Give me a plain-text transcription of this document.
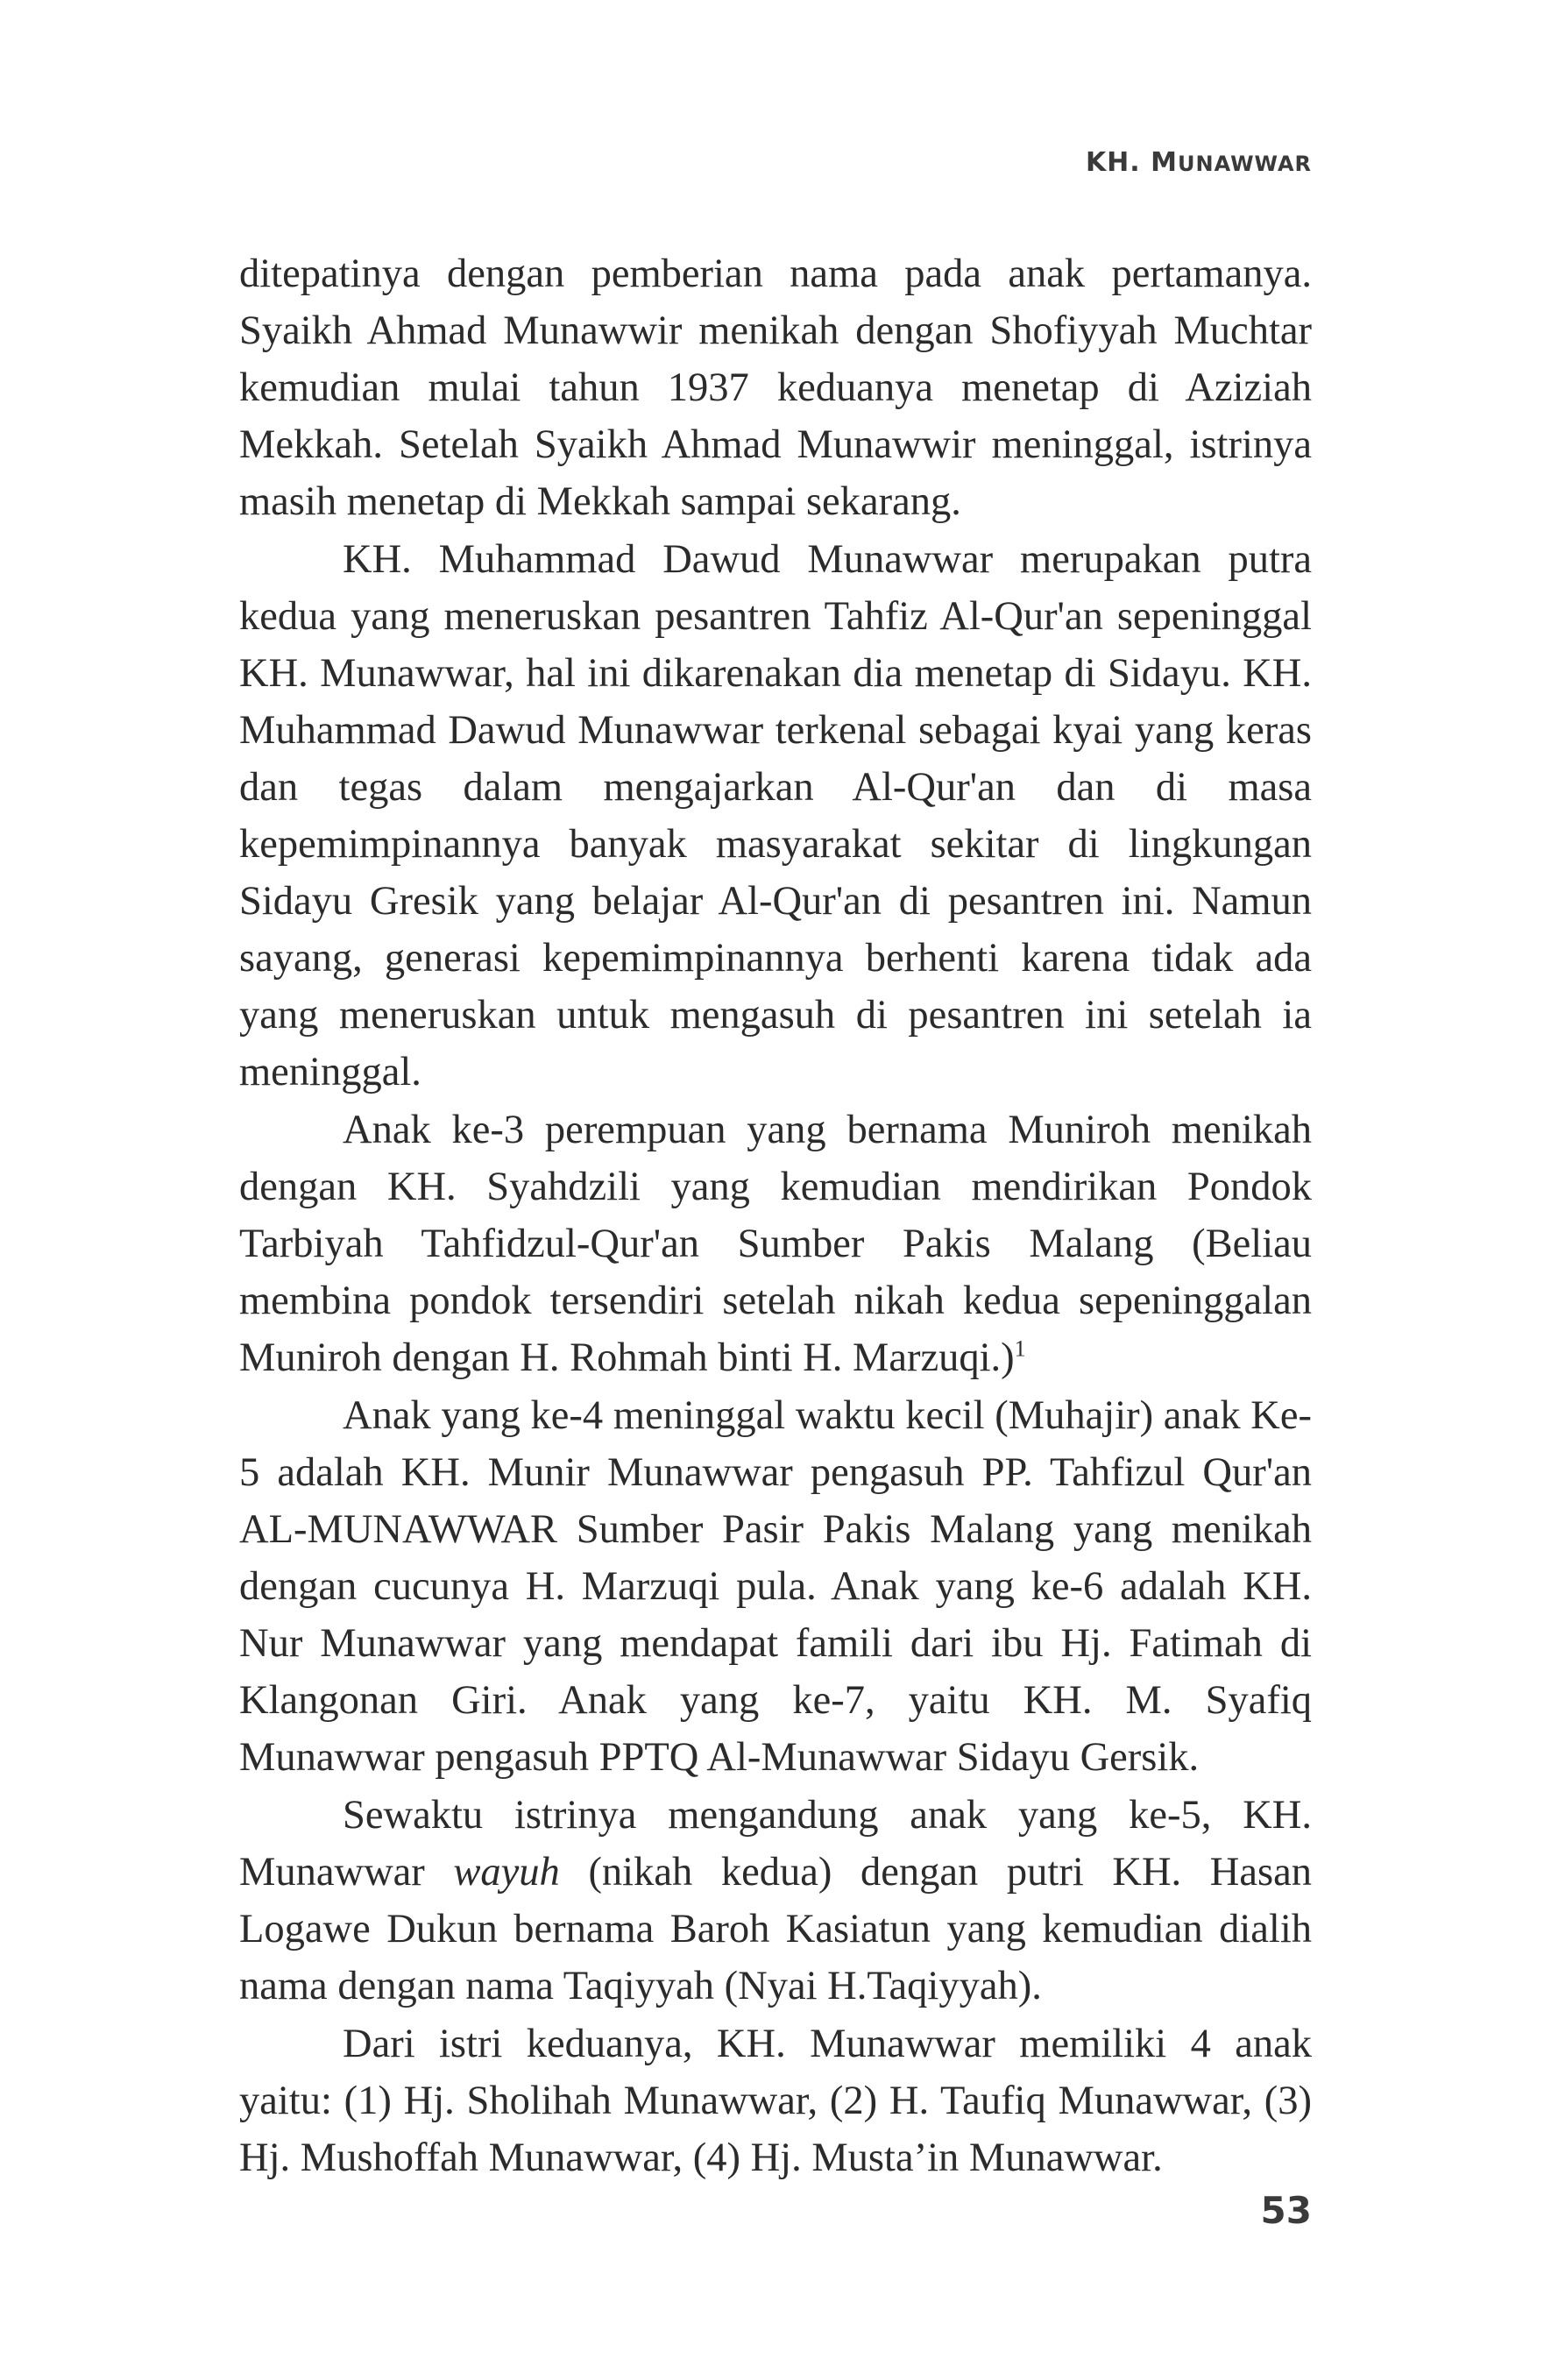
KH. MUNAWWAR

ditepatinya dengan pemberian nama pada anak pertamanya. Syaikh Ahmad Munawwir menikah dengan Shofiyyah Muchtar kemudian mulai tahun 1937 keduanya menetap di Aziziah Mekkah. Setelah Syaikh Ahmad Munawwir meninggal, istrinya masih menetap di Mekkah sampai sekarang.

KH. Muhammad Dawud Munawwar merupakan putra kedua yang meneruskan pesantren Tahfiz Al-Qur'an sepeninggal KH. Munawwar, hal ini dikarenakan dia menetap di Sidayu. KH. Muhammad Dawud Munawwar terkenal sebagai kyai yang keras dan tegas dalam mengajarkan Al-Qur'an dan di masa kepemimpinannya banyak masyarakat sekitar di lingkungan Sidayu Gresik yang belajar Al-Qur'an di pesantren ini. Namun sayang, generasi kepemimpinannya berhenti karena tidak ada yang meneruskan untuk mengasuh di pesantren ini setelah ia meninggal.

Anak ke-3 perempuan yang bernama Muniroh menikah dengan KH. Syahdzili yang kemudian mendirikan Pondok Tarbiyah Tahfidzul-Qur'an Sumber Pakis Malang (Beliau membina pondok tersendiri setelah nikah kedua sepeninggalan Muniroh dengan H. Rohmah binti H. Marzuqi.)$^1$

Anak yang ke-4 meninggal waktu kecil (Muhajir) anak Ke-5 adalah KH. Munir Munawwar pengasuh PP. Tahfizul Qur'an AL-MUNAWWAR Sumber Pasir Pakis Malang yang menikah dengan cucunya H. Marzuqi pula. Anak yang ke-6 adalah KH. Nur Munawwar yang mendapat famili dari ibu Hj. Fatimah di Klangonan Giri. Anak yang ke-7, yaitu KH. M. Syafiq Munawwar pengasuh PPTQ Al-Munawwar Sidayu Gersik.

Sewaktu istrinya mengandung anak yang ke-5, KH. Munawwar wayuh (nikah kedua) dengan putri KH. Hasan Logawe Dukun bernama Baroh Kasiatun yang kemudian dialih nama dengan nama Taqiyyah (Nyai H.Taqiyyah).

Dari istri keduanya, KH. Munawwar memiliki 4 anak yaitu: (1) Hj. Sholihah Munawwar, (2) H. Taufiq Munawwar, (3) Hj. Mushoffah Munawwar, (4) Hj. Musta’in Munawwar.

53
